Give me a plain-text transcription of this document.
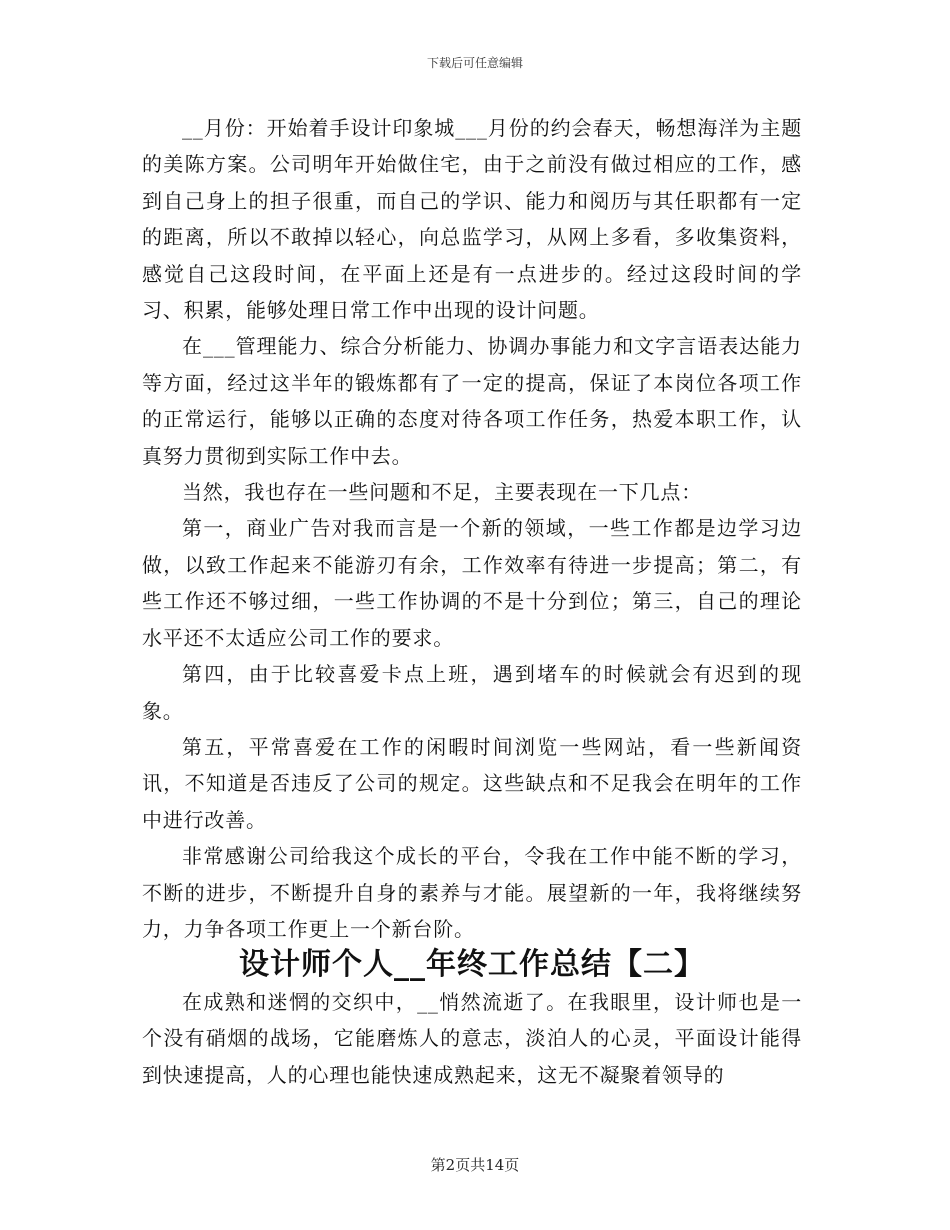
下载后可任意编辑

__月份：开始着手设计印象城___月份的约会春天，畅想海洋为主题的美陈方案。公司明年开始做住宅，由于之前没有做过相应的工作，感到自己身上的担子很重，而自己的学识、能力和阅历与其任职都有一定的距离，所以不敢掉以轻心，向总监学习，从网上多看，多收集资料，感觉自己这段时间，在平面上还是有一点进步的。经过这段时间的学习、积累，能够处理日常工作中出现的设计问题。

在___管理能力、综合分析能力、协调办事能力和文字言语表达能力等方面，经过这半年的锻炼都有了一定的提高，保证了本岗位各项工作的正常运行，能够以正确的态度对待各项工作任务，热爱本职工作，认真努力贯彻到实际工作中去。

当然，我也存在一些问题和不足，主要表现在一下几点：

第一，商业广告对我而言是一个新的领域，一些工作都是边学习边做，以致工作起来不能游刃有余，工作效率有待进一步提高；第二，有些工作还不够过细，一些工作协调的不是十分到位；第三，自己的理论水平还不太适应公司工作的要求。

第四，由于比较喜爱卡点上班，遇到堵车的时候就会有迟到的现象。

第五，平常喜爱在工作的闲暇时间浏览一些网站，看一些新闻资讯，不知道是否违反了公司的规定。这些缺点和不足我会在明年的工作中进行改善。

非常感谢公司给我这个成长的平台，令我在工作中能不断的学习，不断的进步，不断提升自身的素养与才能。展望新的一年，我将继续努力，力争各项工作更上一个新台阶。

设计师个人__年终工作总结【二】

在成熟和迷惘的交织中，__悄然流逝了。在我眼里，设计师也是一个没有硝烟的战场，它能磨炼人的意志，淡泊人的心灵，平面设计能得到快速提高，人的心理也能快速成熟起来，这无不凝聚着领导的

第2页共14页
